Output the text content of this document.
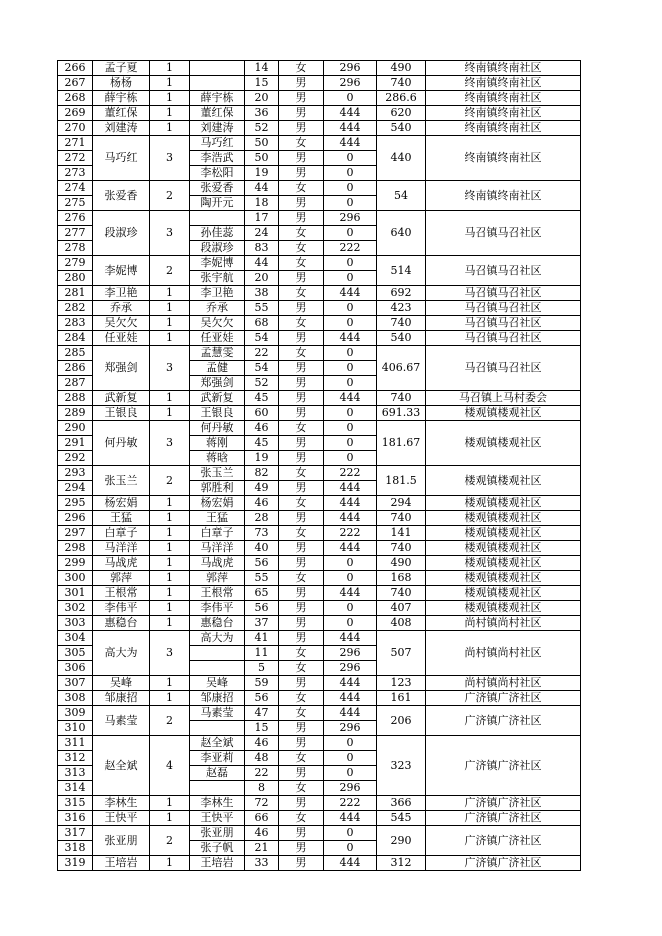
266	孟子夏	1		14	女	296	490	终南镇终南社区
267	杨杨	1		15	男	296	740	终南镇终南社区
268	薛宇栋	1	薛宇栋	20	男	0	286.6	终南镇终南社区
269	董红保	1	董红保	36	男	444	620	终南镇终南社区
270	刘建涛	1	刘建涛	52	男	444	540	终南镇终南社区
271	马巧红	3	马巧红	50	女	444	440	终南镇终南社区
272			李浩武	50	男	0		
273			李松阳	19	男	0		
274	张爱香	2	张爱香	44	女	0	54	终南镇终南社区
275			陶开元	18	男	0		
276	段淑珍	3		17	男	296	640	马召镇马召社区
277			孙佳蕊	24	女	0		
278			段淑珍	83	女	222		
279	李妮博	2	李妮博	44	女	0	514	马召镇马召社区
280			张宇航	20	男	0		
281	李卫艳	1	李卫艳	38	女	444	692	马召镇马召社区
282	乔承	1	乔承	55	男	0	423	马召镇马召社区
283	吴欠欠	1	吴欠欠	68	女	0	740	马召镇马召社区
284	任亚娃	1	任亚娃	54	男	444	540	马召镇马召社区
285	郑强剑	3	孟慧雯	22	女	0	406.67	马召镇马召社区
286			孟健	54	男	0		
287			郑强剑	52	男	0		
288	武新复	1	武新复	45	男	444	740	马召镇上马村委会
289	王银良	1	王银良	60	男	0	691.33	楼观镇楼观社区
290	何丹敏	3	何丹敏	46	女	0	181.67	楼观镇楼观社区
291			蒋刚	45	男	0		
292			蒋晗	19	男	0		
293	张玉兰	2	张玉兰	82	女	222	181.5	楼观镇楼观社区
294			郭胜利	49	男	444		
295	杨宏娟	1	杨宏娟	46	女	444	294	楼观镇楼观社区
296	王猛	1	王猛	28	男	444	740	楼观镇楼观社区
297	白章子	1	白章子	73	女	222	141	楼观镇楼观社区
298	马洋洋	1	马洋洋	40	男	444	740	楼观镇楼观社区
299	马战虎	1	马战虎	56	男	0	490	楼观镇楼观社区
300	郭萍	1	郭萍	55	女	0	168	楼观镇楼观社区
301	王根常	1	王根常	65	男	444	740	楼观镇楼观社区
302	李伟平	1	李伟平	56	男	0	407	楼观镇楼观社区
303	惠稳台	1	惠稳台	37	男	0	408	尚村镇尚村社区
304	高大为	3	高大为	41	男	444	507	尚村镇尚村社区
305				11	女	296		
306				5	女	296		
307	吴峰	1	吴峰	59	男	444	123	尚村镇尚村社区
308	邹康招	1	邹康招	56	女	444	161	广济镇广济社区
309	马素莹	2	马素莹	47	女	444	206	广济镇广济社区
310				15	男	296		
311	赵全斌	4	赵全斌	46	男	0	323	广济镇广济社区
312			李亚莉	48	女	0		
313			赵磊	22	男	0		
314				8	女	296		
315	李林生	1	李林生	72	男	222	366	广济镇广济社区
316	王快平	1	王快平	66	女	444	545	广济镇广济社区
317	张亚朋	2	张亚朋	46	男	0	290	广济镇广济社区
318			张子帆	21	男	0		
319	王培岩	1	王培岩	33	男	444	312	广济镇广济社区
